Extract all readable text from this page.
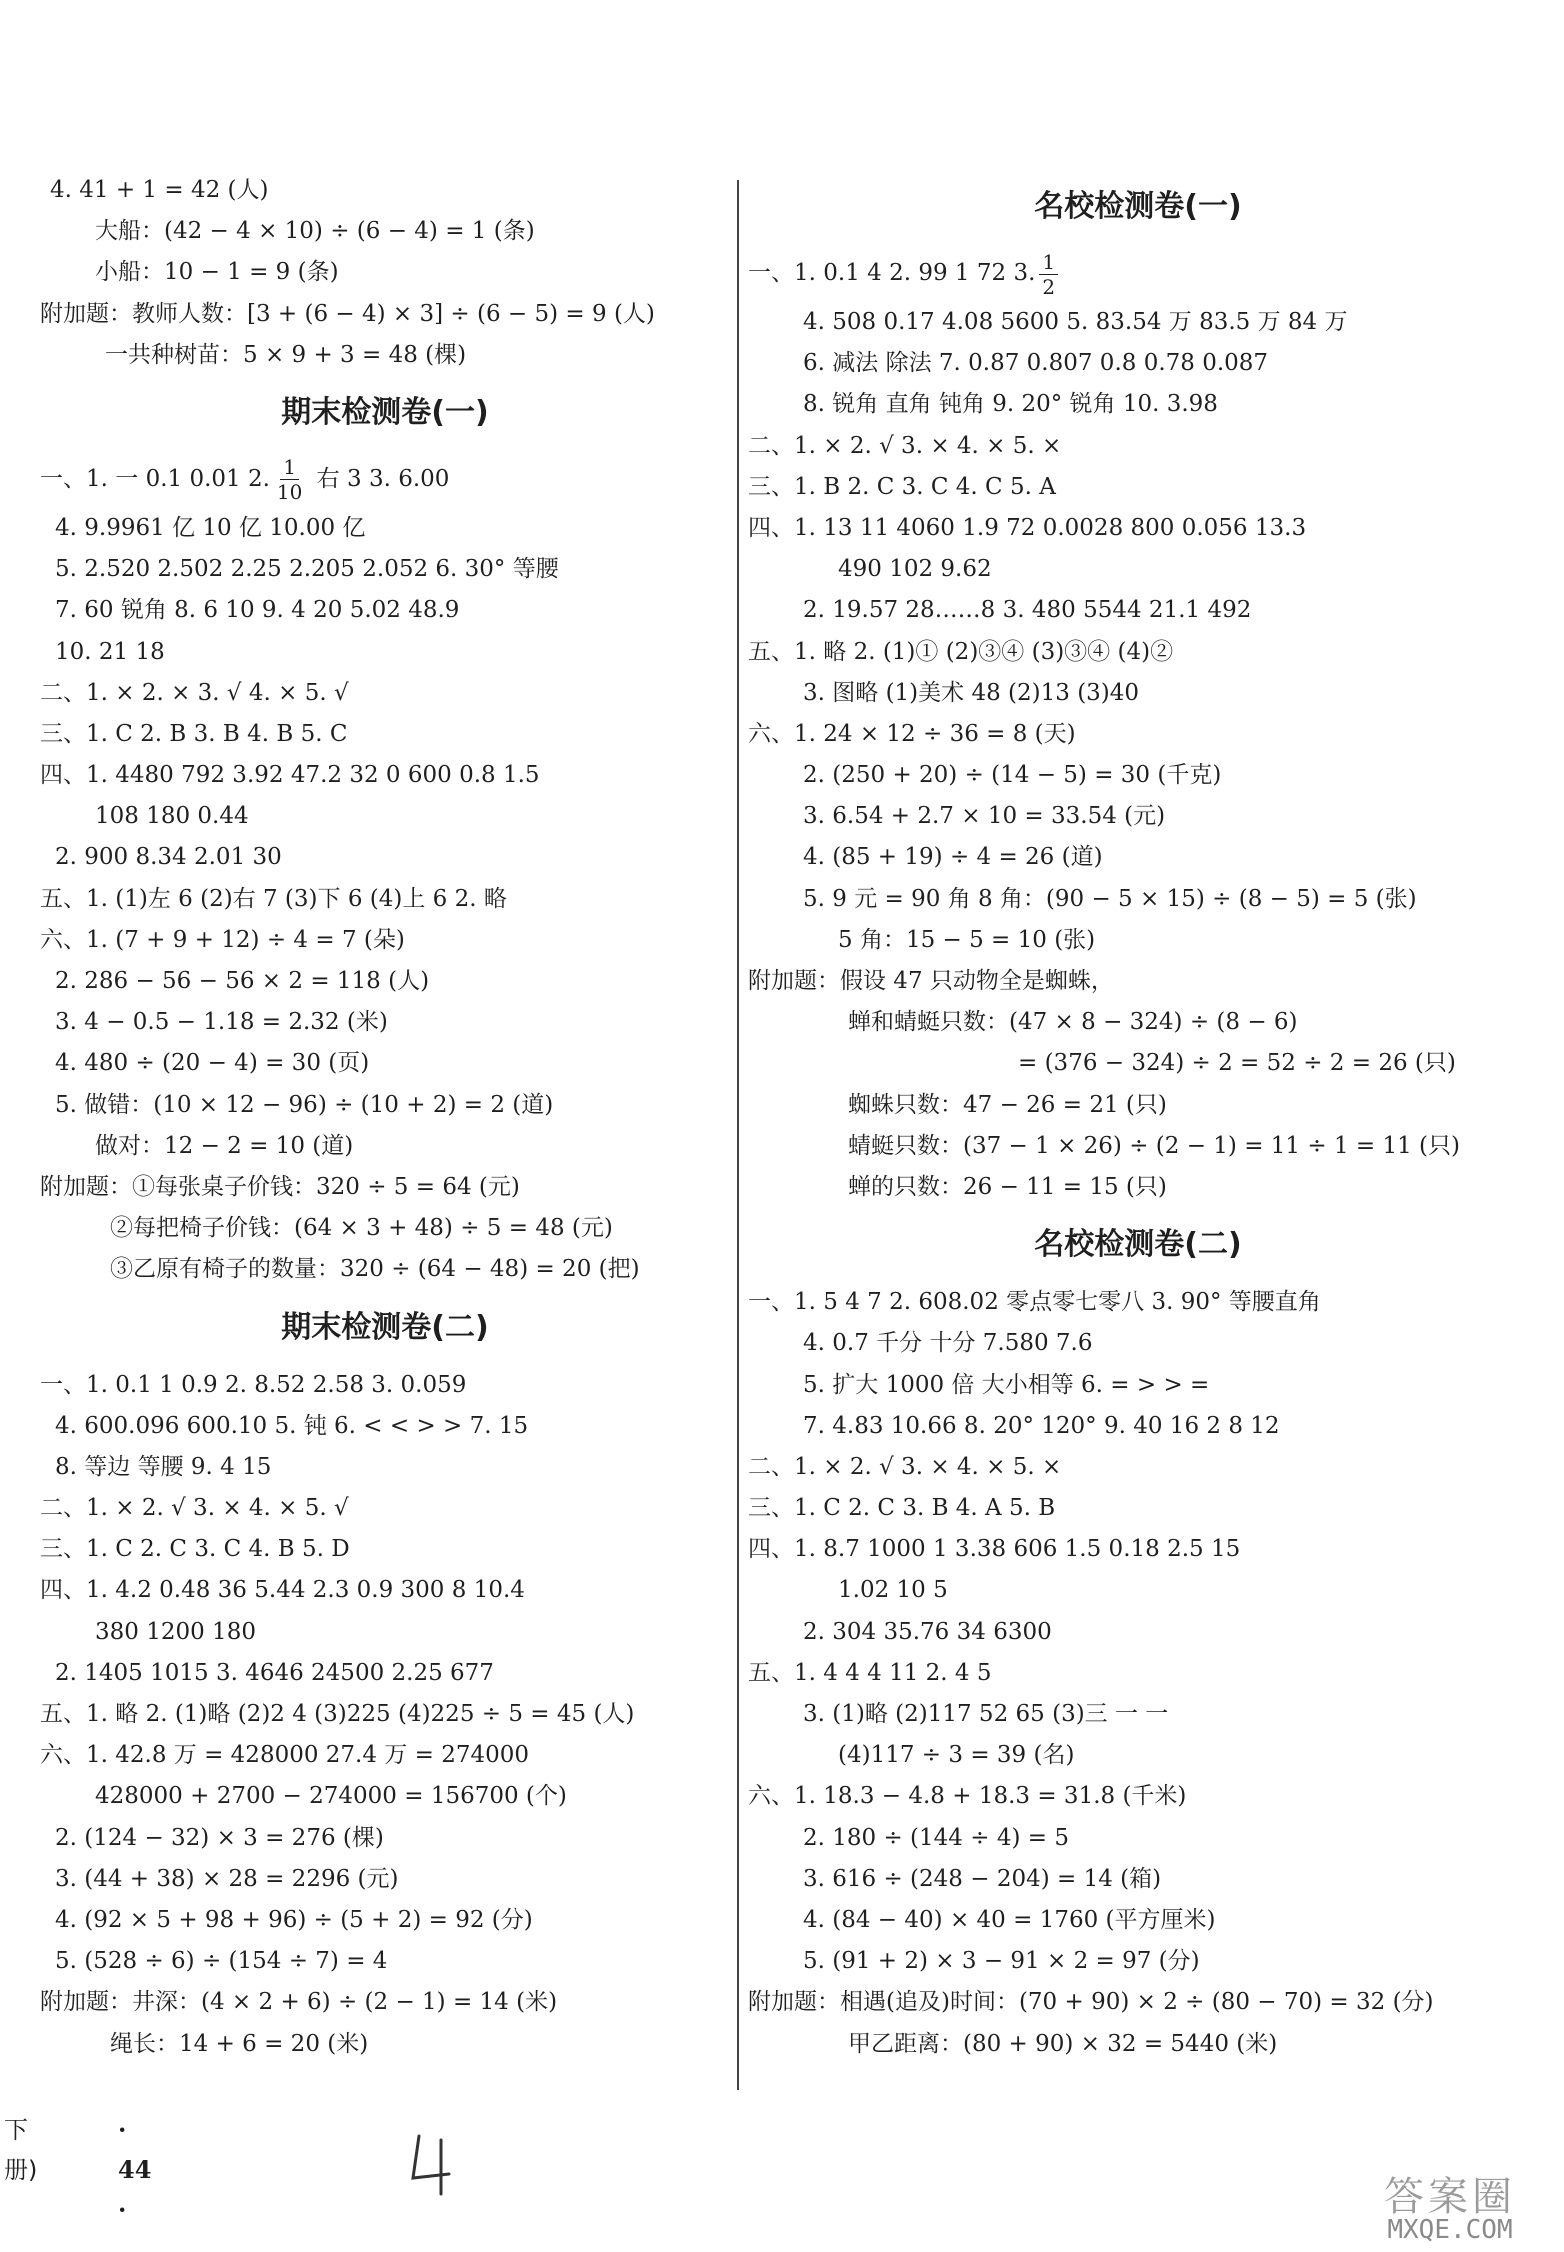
4. 41 + 1 = 42 (人)
大船：(42 − 4 × 10) ÷ (6 − 4) = 1 (条)
小船：10 − 1 = 9 (条)
附加题：教师人数：[3 + (6 − 4) × 3] ÷ (6 − 5) = 9 (人)
一共种树苗：5 × 9 + 3 = 48 (棵)
期末检测卷(一)
一、1. 一 0.1 0.01 2. $\frac{1}{10}$ 右 3 3. 6.00
4. 9.9961 亿 10 亿 10.00 亿
5. 2.520 2.502 2.25 2.205 2.052 6. 30° 等腰
7. 60 锐角 8. 6 10 9. 4 20 5.02 48.9
10. 21 18
二、1. × 2. × 3. √ 4. × 5. √
三、1. C 2. B 3. B 4. B 5. C
四、1. 4480 792 3.92 47.2 32 0 600 0.8 1.5
108 180 0.44
2. 900 8.34 2.01 30
五、1. (1)左 6 (2)右 7 (3)下 6 (4)上 6 2. 略
六、1. (7 + 9 + 12) ÷ 4 = 7 (朵)
2. 286 − 56 − 56 × 2 = 118 (人)
3. 4 − 0.5 − 1.18 = 2.32 (米)
4. 480 ÷ (20 − 4) = 30 (页)
5. 做错：(10 × 12 − 96) ÷ (10 + 2) = 2 (道)
做对：12 − 2 = 10 (道)
附加题：①每张桌子价钱：320 ÷ 5 = 64 (元)
②每把椅子价钱：(64 × 3 + 48) ÷ 5 = 48 (元)
③乙原有椅子的数量：320 ÷ (64 − 48) = 20 (把)
期末检测卷(二)
一、1. 0.1 1 0.9 2. 8.52 2.58 3. 0.059
4. 600.096 600.10 5. 钝 6. < < > > 7. 15
8. 等边 等腰 9. 4 15
二、1. × 2. √ 3. × 4. × 5. √
三、1. C 2. C 3. C 4. B 5. D
四、1. 4.2 0.48 36 5.44 2.3 0.9 300 8 10.4
380 1200 180
2. 1405 1015 3. 4646 24500 2.25 677
五、1. 略 2. (1)略 (2)2 4 (3)225 (4)225 ÷ 5 = 45 (人)
六、1. 42.8 万 = 428000 27.4 万 = 274000
428000 + 2700 − 274000 = 156700 (个)
2. (124 − 32) × 3 = 276 (棵)
3. (44 + 38) × 28 = 2296 (元)
4. (92 × 5 + 98 + 96) ÷ (5 + 2) = 92 (分)
5. (528 ÷ 6) ÷ (154 ÷ 7) = 4
附加题：井深：(4 × 2 + 6) ÷ (2 − 1) = 14 (米)
绳长：14 + 6 = 20 (米)
名校检测卷(一)
一、1. 0.1 4 2. 99 1 72 3. $\frac{1}{2}$
4. 508 0.17 4.08 5600 5. 83.54 万 83.5 万 84 万
6. 减法 除法 7. 0.87 0.807 0.8 0.78 0.087
8. 锐角 直角 钝角 9. 20° 锐角 10. 3.98
二、1. × 2. √ 3. × 4. × 5. ×
三、1. B 2. C 3. C 4. C 5. A
四、1. 13 11 4060 1.9 72 0.0028 800 0.056 13.3
490 102 9.62
2. 19.57 28……8 3. 480 5544 21.1 492
五、1. 略 2. (1)① (2)③④ (3)③④ (4)②
3. 图略 (1)美术 48 (2)13 (3)40
六、1. 24 × 12 ÷ 36 = 8 (天)
2. (250 + 20) ÷ (14 − 5) = 30 (千克)
3. 6.54 + 2.7 × 10 = 33.54 (元)
4. (85 + 19) ÷ 4 = 26 (道)
5. 9 元 = 90 角 8 角：(90 − 5 × 15) ÷ (8 − 5) = 5 (张)
5 角：15 − 5 = 10 (张)
附加题：假设 47 只动物全是蜘蛛，
蝉和蜻蜓只数：(47 × 8 − 324) ÷ (8 − 6)
= (376 − 324) ÷ 2 = 52 ÷ 2 = 26 (只)
蜘蛛只数：47 − 26 = 21 (只)
蜻蜓只数：(37 − 1 × 26) ÷ (2 − 1) = 11 ÷ 1 = 11 (只)
蝉的只数：26 − 11 = 15 (只)
名校检测卷(二)
一、1. 5 4 7 2. 608.02 零点零七零八 3. 90° 等腰直角
4. 0.7 千分 十分 7.580 7.6
5. 扩大 1000 倍 大小相等 6. = > > =
7. 4.83 10.66 8. 20° 120° 9. 40 16 2 8 12
二、1. × 2. √ 3. × 4. × 5. ×
三、1. C 2. C 3. B 4. A 5. B
四、1. 8.7 1000 1 3.38 606 1.5 0.18 2.5 15
1.02 10 5
2. 304 35.76 34 6300
五、1. 4 4 4 11 2. 4 5
3. (1)略 (2)117 52 65 (3)三 一 一
(4)117 ÷ 3 = 39 (名)
六、1. 18.3 − 4.8 + 18.3 = 31.8 (千米)
2. 180 ÷ (144 ÷ 4) = 5
3. 616 ÷ (248 − 204) = 14 (箱)
4. (84 − 40) × 40 = 1760 (平方厘米)
5. (91 + 2) × 3 − 91 × 2 = 97 (分)
附加题：相遇(追及)时间：(70 + 90) × 2 ÷ (80 − 70) = 32 (分)
甲乙距离：(80 + 90) × 32 = 5440 (米)
下册)
· 44 ·	答案圈
MXQE.COM
